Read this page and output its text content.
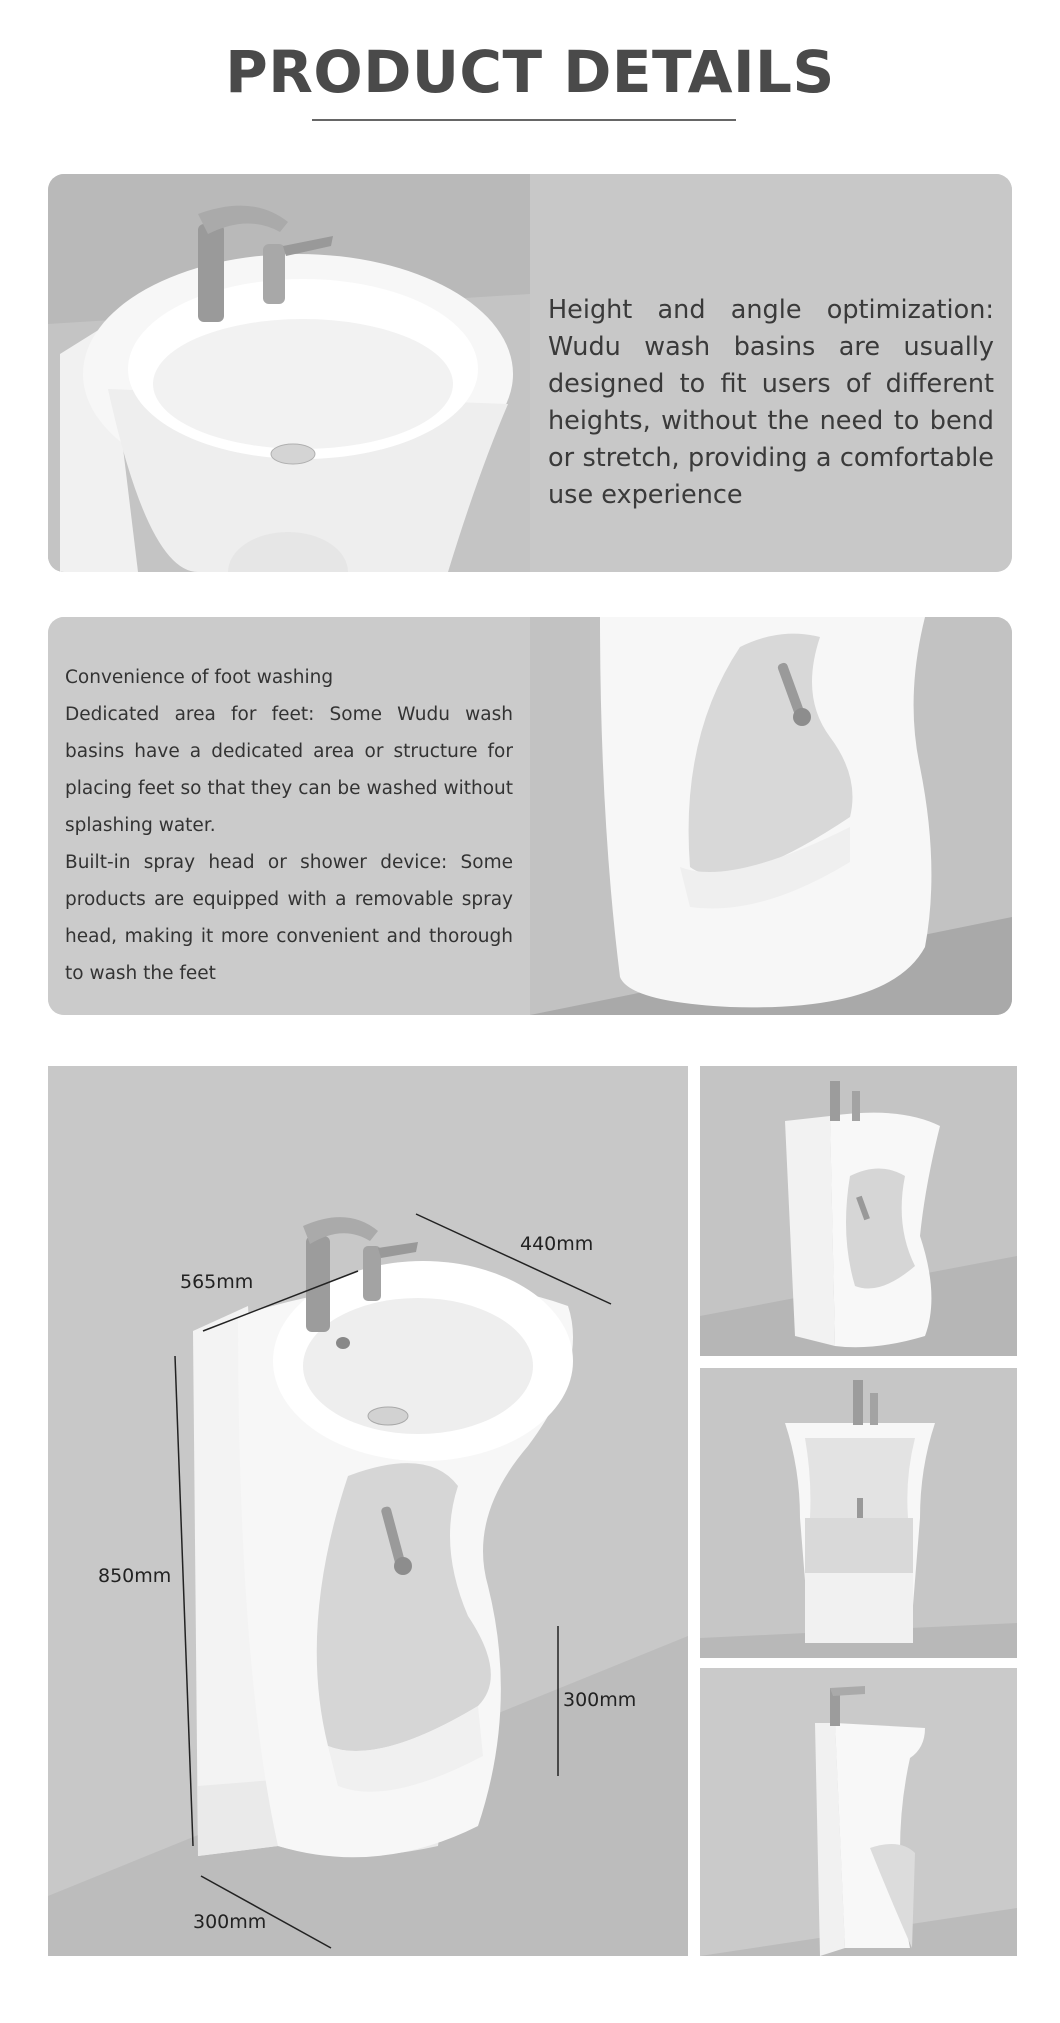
PRODUCT DETAILS
Height and angle optimization: Wudu wash basins are usually designed to fit users of different heights, without the need to bend or stretch, providing a comfortable use experience
Convenience of foot washing
Dedicated area for feet: Some Wudu wash basins have a dedicated area or structure for placing feet so that they can be washed without splashing water.
Built-in spray head or shower device: Some products are equipped with a removable spray head, making it more convenient and thorough to wash the feet
440mm
565mm
850mm
300mm
300mm
